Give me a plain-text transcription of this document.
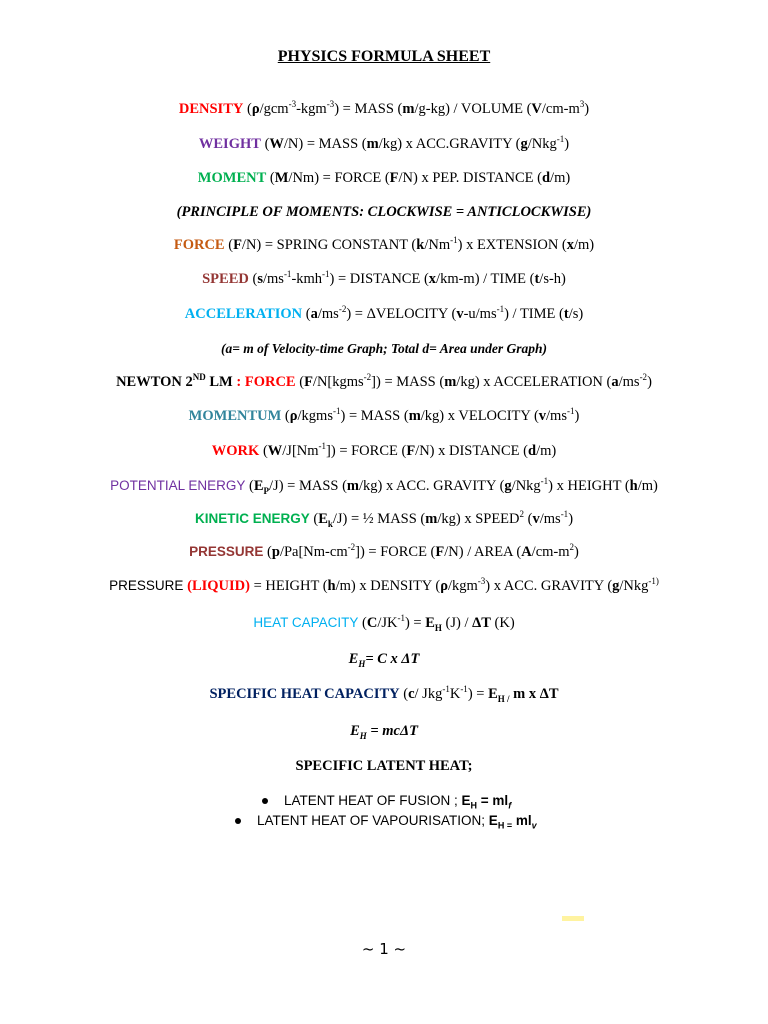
PHYSICS FORMULA SHEET
DENSITY (ρ/gcm$^{-3}$-kgm$^{-3}$) = MASS (m/g-kg) / VOLUME $(V/cm-m^3)$
WEIGHT (W/N) = MASS (m/kg) x ACC.GRAVITY (g/Nkg$^{-1}$)
MOMENT (M/Nm) = FORCE (F/N) x PEP. DISTANCE (d/m)
(PRINCIPLE OF MOMENTS: CLOCKWISE = ANTICLOCKWISE)
FORCE (F/N) = SPRING CONSTANT $(k/Nm^{-1})$ x EXTENSION (x/m)
SPEED $(s/ms^{-1}-kmh^{-1})$ = DISTANCE (x/km-m) / TIME (t/s-h)
ACCELERATION $(a/ms^{-2})$ = ΔVELOCITY $(v-u/ms^{-1})$ / TIME (t/s)
(a= m of Velocity-time Graph; Total d= Area under Graph)
NEWTON 2ND LM : FORCE (F/N[kgms$^{-2}$]) = MASS (m/kg) x ACCELERATION $(a/ms^{-2})$
MOMENTUM (ρ/kgms$^{-1}$) = MASS (m/kg) x VELOCITY $(v/ms^{-1})$
WORK $(W/J[Nm^{-1}])$ = FORCE (F/N) x DISTANCE (d/m)
POTENTIAL ENERGY $(E_P/J)$ = MASS (m/kg) x ACC. GRAVITY (g/Nkg$^{-1}$) x HEIGHT (h/m)
KINETIC ENERGY $(E_k/J)$ = ½ MASS (m/kg) x SPEED$^2$ $(v/ms^{-1})$
PRESSURE $(p/Pa[Nm-cm^{-2}])$ = FORCE (F/N) / AREA $(A/cm-m^2)$
PRESSURE (LIQUID) = HEIGHT (h/m) x DENSITY (ρ/kgm$^{-3}$) x ACC. GRAVITY (g/Nkg$^{-1)}$
HEAT CAPACITY $(C/JK^{-1}) = E_H$ (J) / ΔT (K)
$E_H= C$ x ΔT
SPECIFIC HEAT CAPACITY (c/ $Jkg^{-1}K^{-1}) = E_{H /}$ m x ΔT
$E_H = mc\Delta T$
SPECIFIC LATENT HEAT;
LATENT HEAT OF FUSION ; $E_H = ml_f$
LATENT HEAT OF VAPOURISATION; $E_{H =}$ $ml_v$
~ 1 ~
